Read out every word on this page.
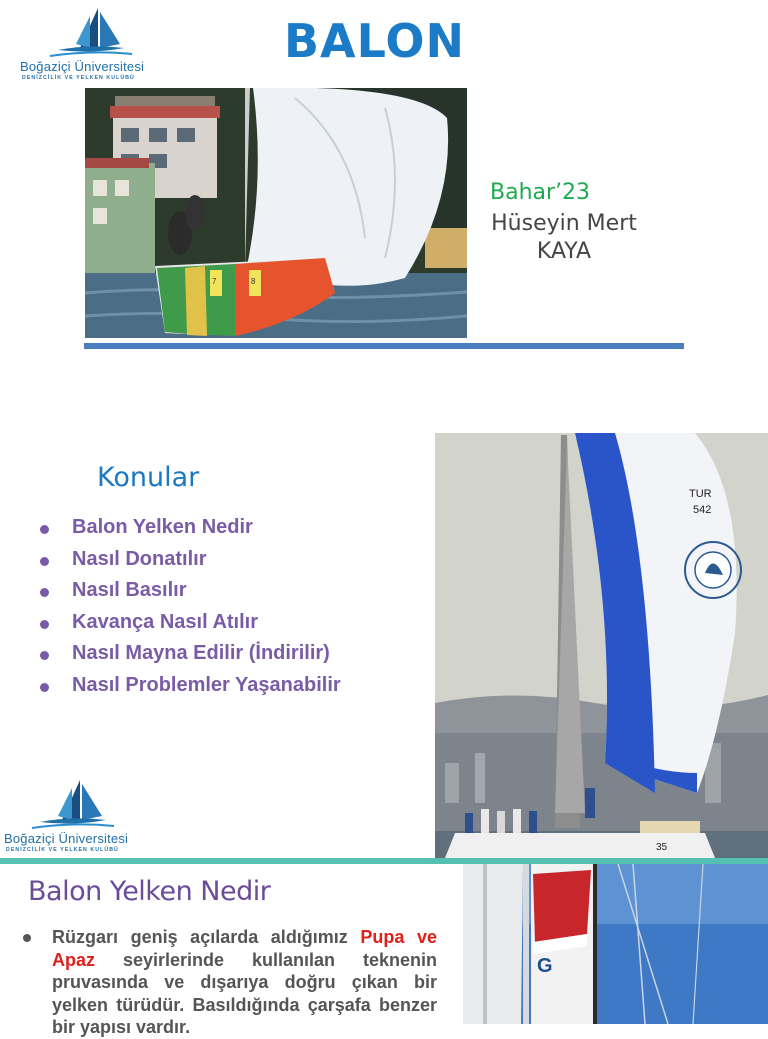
Boğaziçi Üniversitesi
DENİZCİLİK VE YELKEN KULÜBÜ
BALON
7	8
Bahar’23
Hüseyin Mert
KAYA
Konular
Balon Yelken Nedir
Nasıl Donatılır
Nasıl Basılır
Kavança Nasıl Atılır
Nasıl Mayna Edilir (İndirilir)
Nasıl Problemler Yaşanabilir
Boğaziçi Üniversitesi
DENİZCİLİK VE YELKEN KULÜBÜ
TUR
542
35
Balon Yelken Nedir
Rüzgarı geniş açılarda aldığımız Pupa ve Apaz seyirlerinde kullanılan teknenin pruvasında ve dışarıya doğru çıkan bir yelken türüdür. Basıldığında çarşafa benzer bir yapısı vardır.
G
